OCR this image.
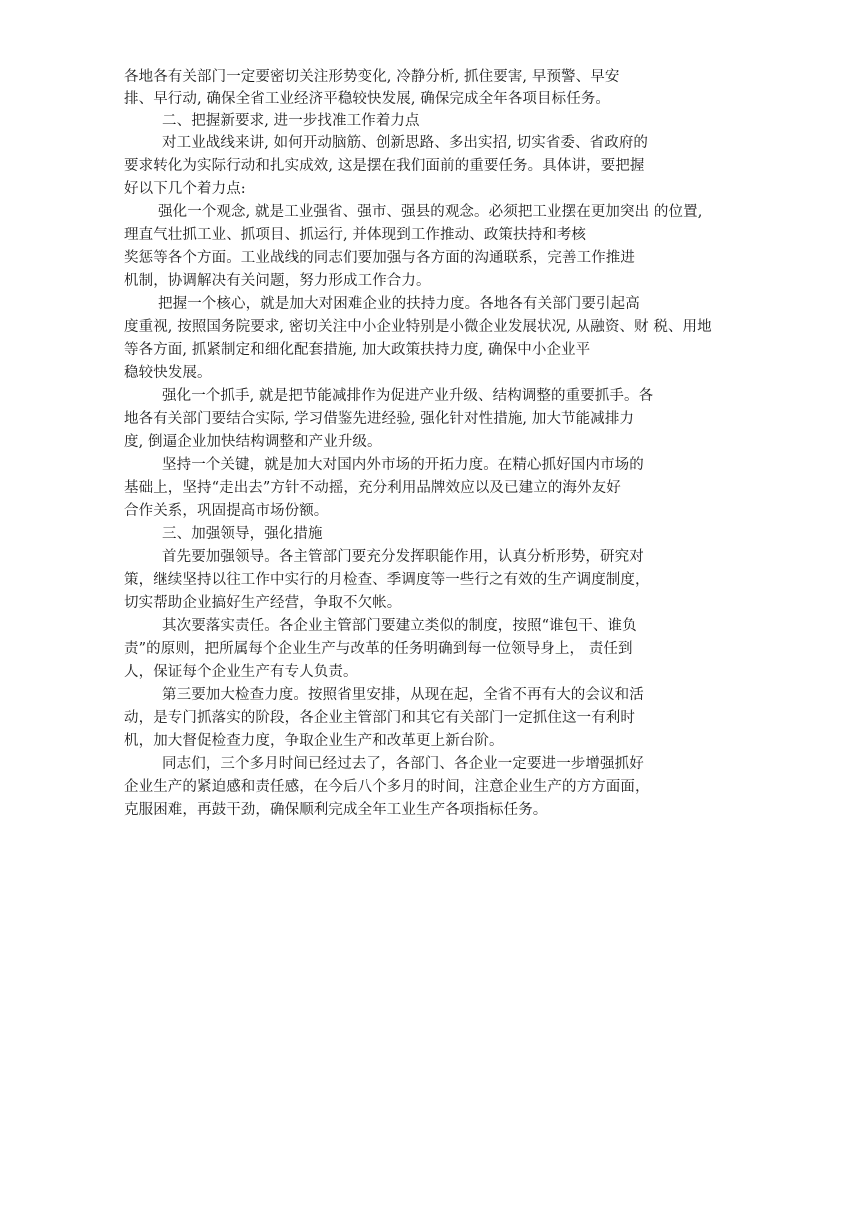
各地各有关部门一定要密切关注形势变化, 冷静分析, 抓住要害, 早预警、早安
排、早行动, 确保全省工业经济平稳较快发展, 确保完成全年各项目标任务。
二、把握新要求, 进一步找准工作着力点
对工业战线来讲, 如何开动脑筋、创新思路、多出实招, 切实省委、省政府的
要求转化为实际行动和扎实成效, 这是摆在我们面前的重要任务。具体讲，要把握
好以下几个着力点:
强化一个观念, 就是工业强省、强市、强县的观念。必须把工业摆在更加突出 的位置,
理直气壮抓工业、抓项目、抓运行, 并体现到工作推动、政策扶持和考核
奖惩等各个方面。工业战线的同志们要加强与各方面的沟通联系，完善工作推进
机制，协调解决有关问题，努力形成工作合力。
把握一个核心，就是加大对困难企业的扶持力度。各地各有关部门要引起高
度重视, 按照国务院要求, 密切关注中小企业特别是小微企业发展状况, 从融资、财 税、用地
等各方面, 抓紧制定和细化配套措施, 加大政策扶持力度, 确保中小企业平
稳较快发展。
强化一个抓手, 就是把节能减排作为促进产业升级、结构调整的重要抓手。各
地各有关部门要结合实际, 学习借鉴先进经验, 强化针对性措施, 加大节能减排力
度, 倒逼企业加快结构调整和产业升级。
坚持一个关键，就是加大对国内外市场的开拓力度。在精心抓好国内市场的
基础上，坚持“走出去”方针不动摇，充分利用品牌效应以及已建立的海外友好
合作关系，巩固提高市场份额。
三、加强领导，强化措施
首先要加强领导。各主管部门要充分发挥职能作用，认真分析形势，研究对
策，继续坚持以往工作中实行的月检查、季调度等一些行之有效的生产调度制度，
切实帮助企业搞好生产经营，争取不欠帐。
其次要落实责任。各企业主管部门要建立类似的制度，按照“谁包干、谁负
责”的原则，把所属每个企业生产与改革的任务明确到每一位领导身上， 责任到
人，保证每个企业生产有专人负责。
第三要加大检查力度。按照省里安排，从现在起，全省不再有大的会议和活
动，是专门抓落实的阶段，各企业主管部门和其它有关部门一定抓住这一有利时
机，加大督促检查力度，争取企业生产和改革更上新台阶。
同志们，三个多月时间已经过去了，各部门、各企业一定要进一步增强抓好
企业生产的紧迫感和责任感，在今后八个多月的时间，注意企业生产的方方面面，
克服困难，再鼓干劲，确保顺利完成全年工业生产各项指标任务。
